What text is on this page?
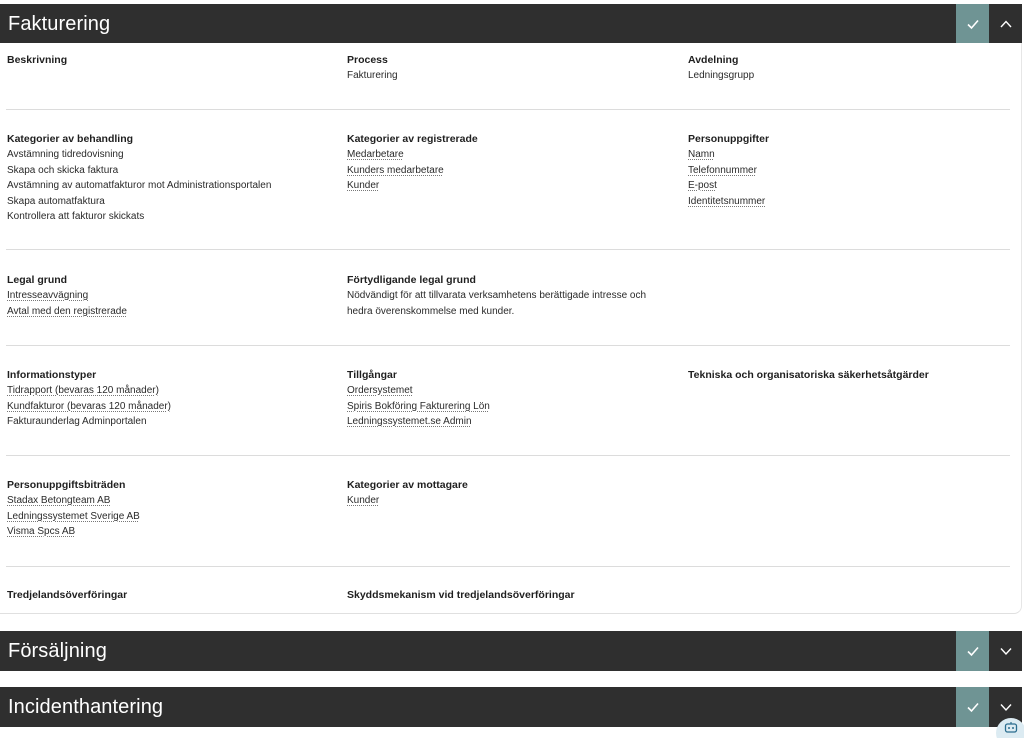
Fakturering
Beskrivning	Process
Fakturering
Avdelning
Ledningsgrupp
Kategorier av behandling
Avstämning tidredovisning
Skapa och skicka faktura
Avstämning av automatfakturor mot Administrationsportalen
Skapa automatfaktura
Kontrollera att fakturor skickats
Kategorier av registrerade
Medarbetare
Kunders medarbetare
Kunder
Personuppgifter
Namn
Telefonnummer
E-post
Identitetsnummer
Legal grund
Intresseavvägning
Avtal med den registrerade
Förtydligande legal grund
Nödvändigt för att tillvarata verksamhetens berättigade intresse och hedra överenskommelse med kunder.
Informationstyper
Tidrapport (bevaras 120 månader)
Kundfakturor (bevaras 120 månader)
Fakturaunderlag Adminportalen
Tillgångar
Ordersystemet
Spiris Bokföring Fakturering Lön
Ledningssystemet.se Admin
Tekniska och organisatoriska säkerhetsåtgärder
Personuppgiftsbiträden
Stadax Betongteam AB
Ledningssystemet Sverige AB
Visma Spcs AB
Kategorier av mottagare
Kunder
Tredjelandsöverföringar	Skyddsmekanism vid tredjelandsöverföringar
Försäljning
Incidenthantering
